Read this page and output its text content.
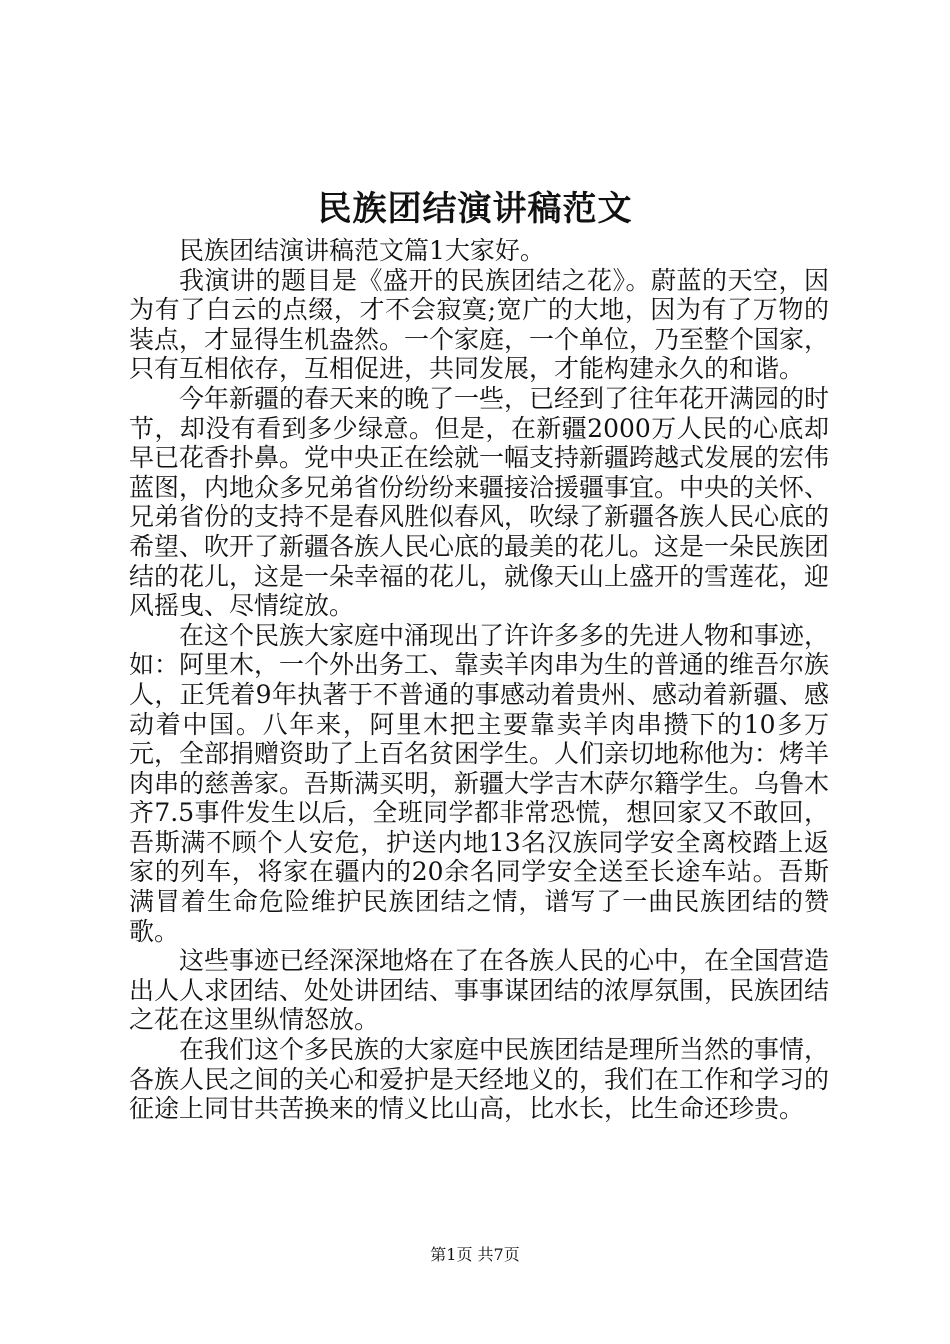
民族团结演讲稿范文

民族团结演讲稿范文篇1大家好。

我演讲的题目是《盛开的民族团结之花》。蔚蓝的天空，因为有了白云的点缀，才不会寂寞;宽广的大地，因为有了万物的装点，才显得生机盎然。一个家庭，一个单位，乃至整个国家，只有互相依存，互相促进，共同发展，才能构建永久的和谐。

今年新疆的春天来的晚了一些，已经到了往年花开满园的时节，却没有看到多少绿意。但是，在新疆2000万人民的心底却早已花香扑鼻。党中央正在绘就一幅支持新疆跨越式发展的宏伟蓝图，内地众多兄弟省份纷纷来疆接洽援疆事宜。中央的关怀、兄弟省份的支持不是春风胜似春风，吹绿了新疆各族人民心底的希望、吹开了新疆各族人民心底的最美的花儿。这是一朵民族团结的花儿，这是一朵幸福的花儿，就像天山上盛开的雪莲花，迎风摇曳、尽情绽放。

在这个民族大家庭中涌现出了许许多多的先进人物和事迹，如：阿里木，一个外出务工、靠卖羊肉串为生的普通的维吾尔族人，正凭着9年执著于不普通的事感动着贵州、感动着新疆、感动着中国。八年来，阿里木把主要靠卖羊肉串攒下的10多万元，全部捐赠资助了上百名贫困学生。人们亲切地称他为：烤羊肉串的慈善家。吾斯满买明，新疆大学吉木萨尔籍学生。乌鲁木齐7.5事件发生以后，全班同学都非常恐慌，想回家又不敢回，吾斯满不顾个人安危，护送内地13名汉族同学安全离校踏上返家的列车，将家在疆内的20余名同学安全送至长途车站。吾斯满冒着生命危险维护民族团结之情，谱写了一曲民族团结的赞歌。

这些事迹已经深深地烙在了在各族人民的心中，在全国营造出人人求团结、处处讲团结、事事谋团结的浓厚氛围，民族团结之花在这里纵情怒放。

在我们这个多民族的大家庭中民族团结是理所当然的事情，各族人民之间的关心和爱护是天经地义的，我们在工作和学习的征途上同甘共苦换来的情义比山高，比水长，比生命还珍贵。

第1页 共7页
